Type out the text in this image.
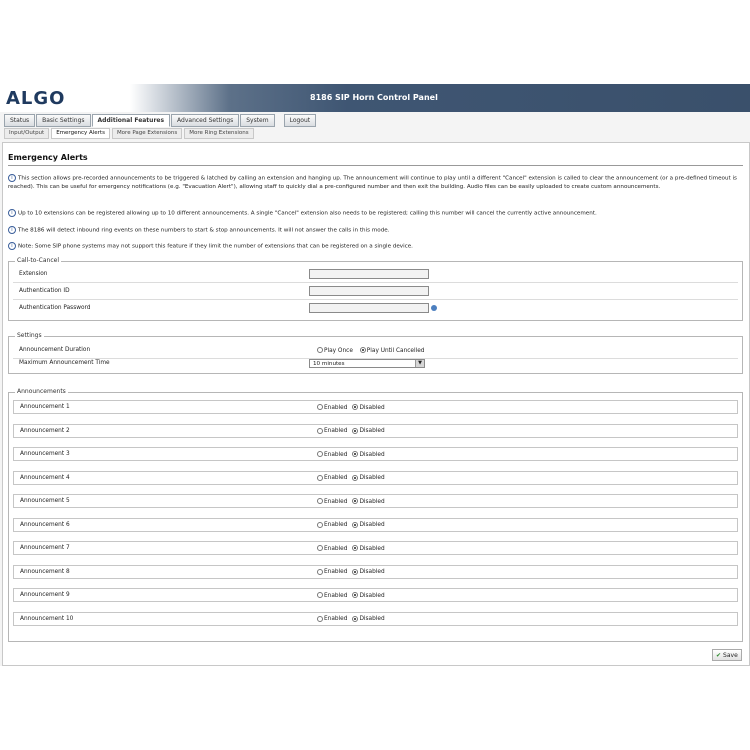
ALGO	8186 SIP Horn Control Panel
Status	Basic Settings	Additional Features	Advanced Settings	System	Logout
Input/Output	Emergency Alerts	More Page Extensions	More Ring Extensions
Emergency Alerts
i This section allows pre-recorded announcements to be triggered & latched by calling an extension and hanging up. The announcement will continue to play until a different "Cancel" extension is called to clear the announcement (or a pre-defined timeout is reached). This can be useful for emergency notifications (e.g. "Evacuation Alert"), allowing staff to quickly dial a pre-configured number and then exit the building. Audio files can be easily uploaded to create custom announcements.
i Up to 10 extensions can be registered allowing up to 10 different announcements. A single "Cancel" extension also needs to be registered; calling this number will cancel the currently active announcement.
i The 8186 will detect inbound ring events on these numbers to start & stop announcements. It will not answer the calls in this mode.
i Note: Some SIP phone systems may not support this feature if they limit the number of extensions that can be registered on a single device.
Call-to-Cancel
Extension
Authentication ID
Authentication Password
Settings
Announcement Duration	Play Once Play Until Cancelled
Maximum Announcement Time	10 minutes	▼
Announcements
Announcement 1	Enabled Disabled
Announcement 2	Enabled Disabled
Announcement 3	Enabled Disabled
Announcement 4	Enabled Disabled
Announcement 5	Enabled Disabled
Announcement 6	Enabled Disabled
Announcement 7	Enabled Disabled
Announcement 8	Enabled Disabled
Announcement 9	Enabled Disabled
Announcement 10	Enabled Disabled
✔ Save
